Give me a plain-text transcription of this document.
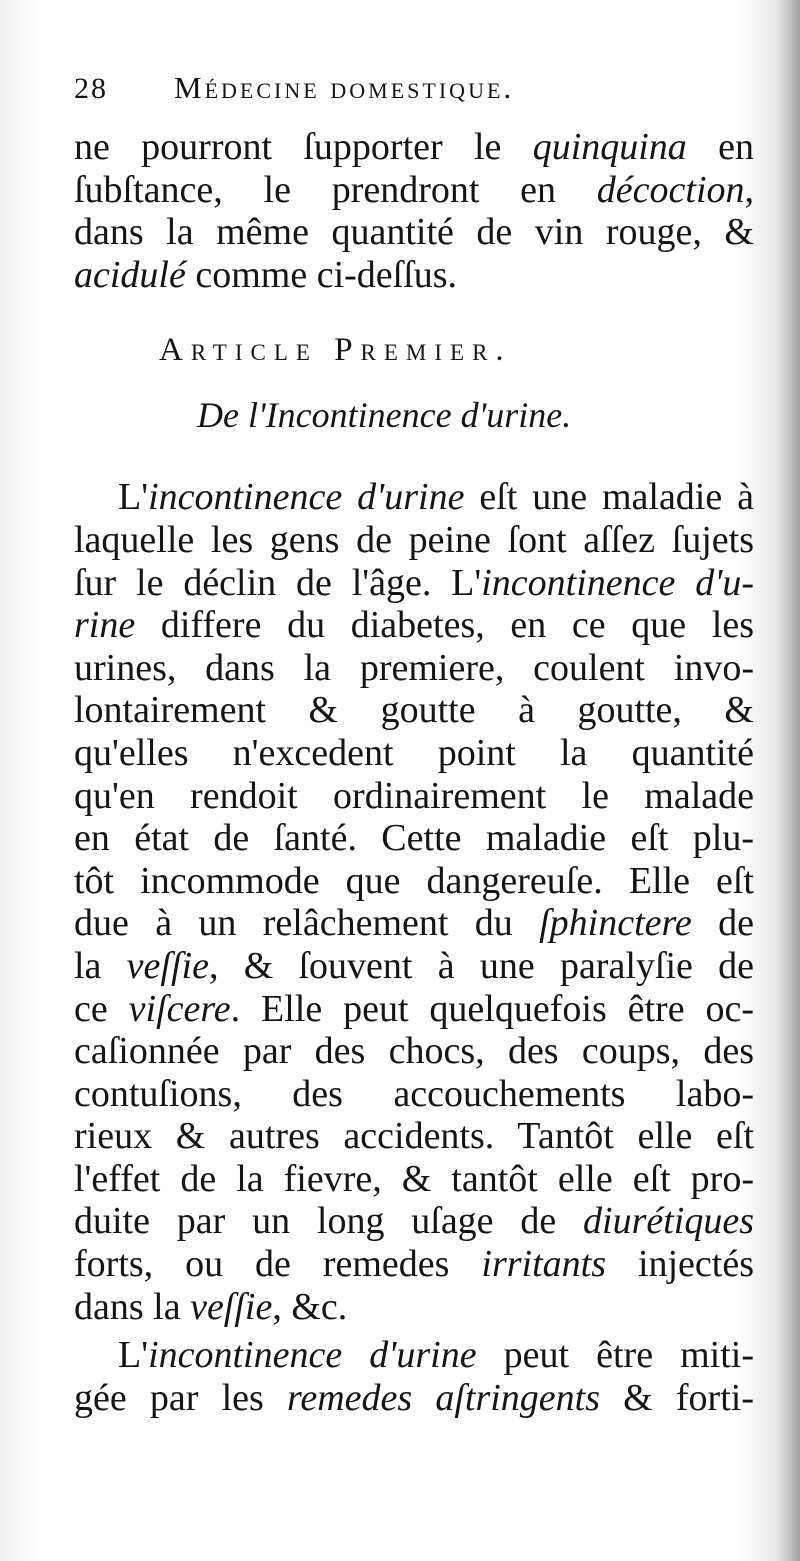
28	Médecine domestique.
ne pourront ſupporter le quinquina en
ſubſtance, le prendront en décoction,
dans la même quantité de vin rouge, &
acidulé comme ci-deſſus.
Article Premier.
De l'Incontinence d'urine.
L'incontinence d'urine eſt une maladie à
laquelle les gens de peine ſont aſſez ſujets
ſur le déclin de l'âge. L'incontinence d'u-
rine differe du diabetes, en ce que les
urines, dans la premiere, coulent invo-
lontairement & goutte à goutte, &
qu'elles n'excedent point la quantité
qu'en rendoit ordinairement le malade
en état de ſanté. Cette maladie eſt plu-
tôt incommode que dangereuſe. Elle eſt
due à un relâchement du ſphinctere de
la veſſie, & ſouvent à une paralyſie de
ce viſcere. Elle peut quelquefois être oc-
caſionnée par des chocs, des coups, des
contuſions, des accouchements labo-
rieux & autres accidents. Tantôt elle eſt
l'effet de la fievre, & tantôt elle eſt pro-
duite par un long uſage de diurétiques
forts, ou de remedes irritants injectés
dans la veſſie, &c.
L'incontinence d'urine peut être miti-
gée par les remedes aſtringents & forti-
